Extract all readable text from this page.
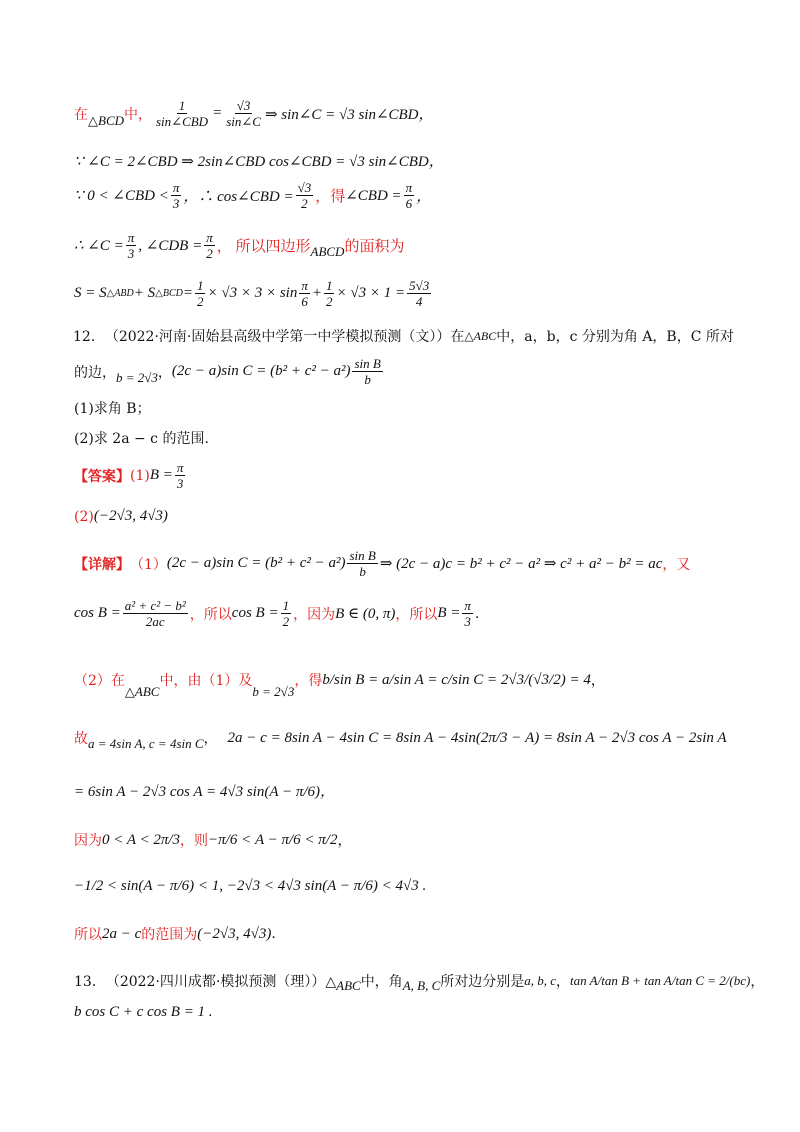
在 △BCD 中， $\frac{1}{\text{sin∠CBD}} = \frac{√3}{\sin\angle C}$ ⇒ sin∠C = √3 sin∠CBD，
∵ ∠C = 2∠CBD ⇒ 2sin∠CBD cos∠CBD = √3 sin∠CBD，
∵ 0 < ∠CBD < $\frac{\pi}{3}$ ，∴ cos∠CBD = $\frac{√3}{2}$ ，得 ∠CBD = $\frac{\pi}{6}$ ，
∴ ∠C = $\frac{\pi}{3}$ , ∠CDB = $\frac{\pi}{2}$ ， 所以四边形 ABCD 的面积为
S = S △ABD + S △BCD = $\frac{1}{2} \times √3 \times 3 \times \sin \frac{\pi}{6} + \frac{1}{2} \times √3 \times 1 = \frac{5√3}{4}$
12． （2022·河南·固始县高级中学第一中学模拟预测（文））在 △ABC 中，a，b，c 分别为角 A，B，C 所对
的边， b = 2√3 ， (2c − a)sin $C = (b^2 + c^2 - a^2) \frac{\text{sin B}}{b}$
(1)求角 B；
(2)求 2a − c 的范围.
【答案】 (1) $B = \frac{\pi}{3}$
(2) (−2√3, 4√3)
【详解】 （1） (2c − a)sin $C = (b^2 + c^2 - a^2) \frac{\text{sin B}}{b}$ ⇒ (2c − a)c = b² + c² − a² ⇒ c² + a² − b² = ac ，又
$\cos B = \frac{\text{a² + c² − b²}}{2ac}$ ，所以 $\cos B = \frac{1}{2}$ ，因为 B ∈ (0, π) ，所以 $B = \frac{\pi}{3}$ .
（2）在
△ABC
中，由（1）及
b = 2√3
，得 b/sin B = a/sin A = c/sin C = 2√3/(√3/2) = 4 ，
故 a = 4sin A, c = 4sin C ， 2a − c = 8sin A − 4sin C = 8sin A − 4sin(2π/3 − A) = 8sin A − 2√3 cos A − 2sin A
= 6sin A − 2√3 cos A = 4√3 sin(A − π/6)，
因为 0 < A < 2π/3 ，则 −π/6 < A − π/6 < π/2 ，
−1/2 < sin(A − π/6) < 1, −2√3 < 4√3 sin(A − π/6) < 4√3 .
所以 2a − c 的范围为 (−2√3, 4√3) .
13． （2022·四川成都·模拟预测（理））△ ABC 中，角 A, B, C 所对边分别是 a, b, c ， tan A/tan B + tan A/tan C = 2/(bc) ，
b cos C + c cos B = 1 .
